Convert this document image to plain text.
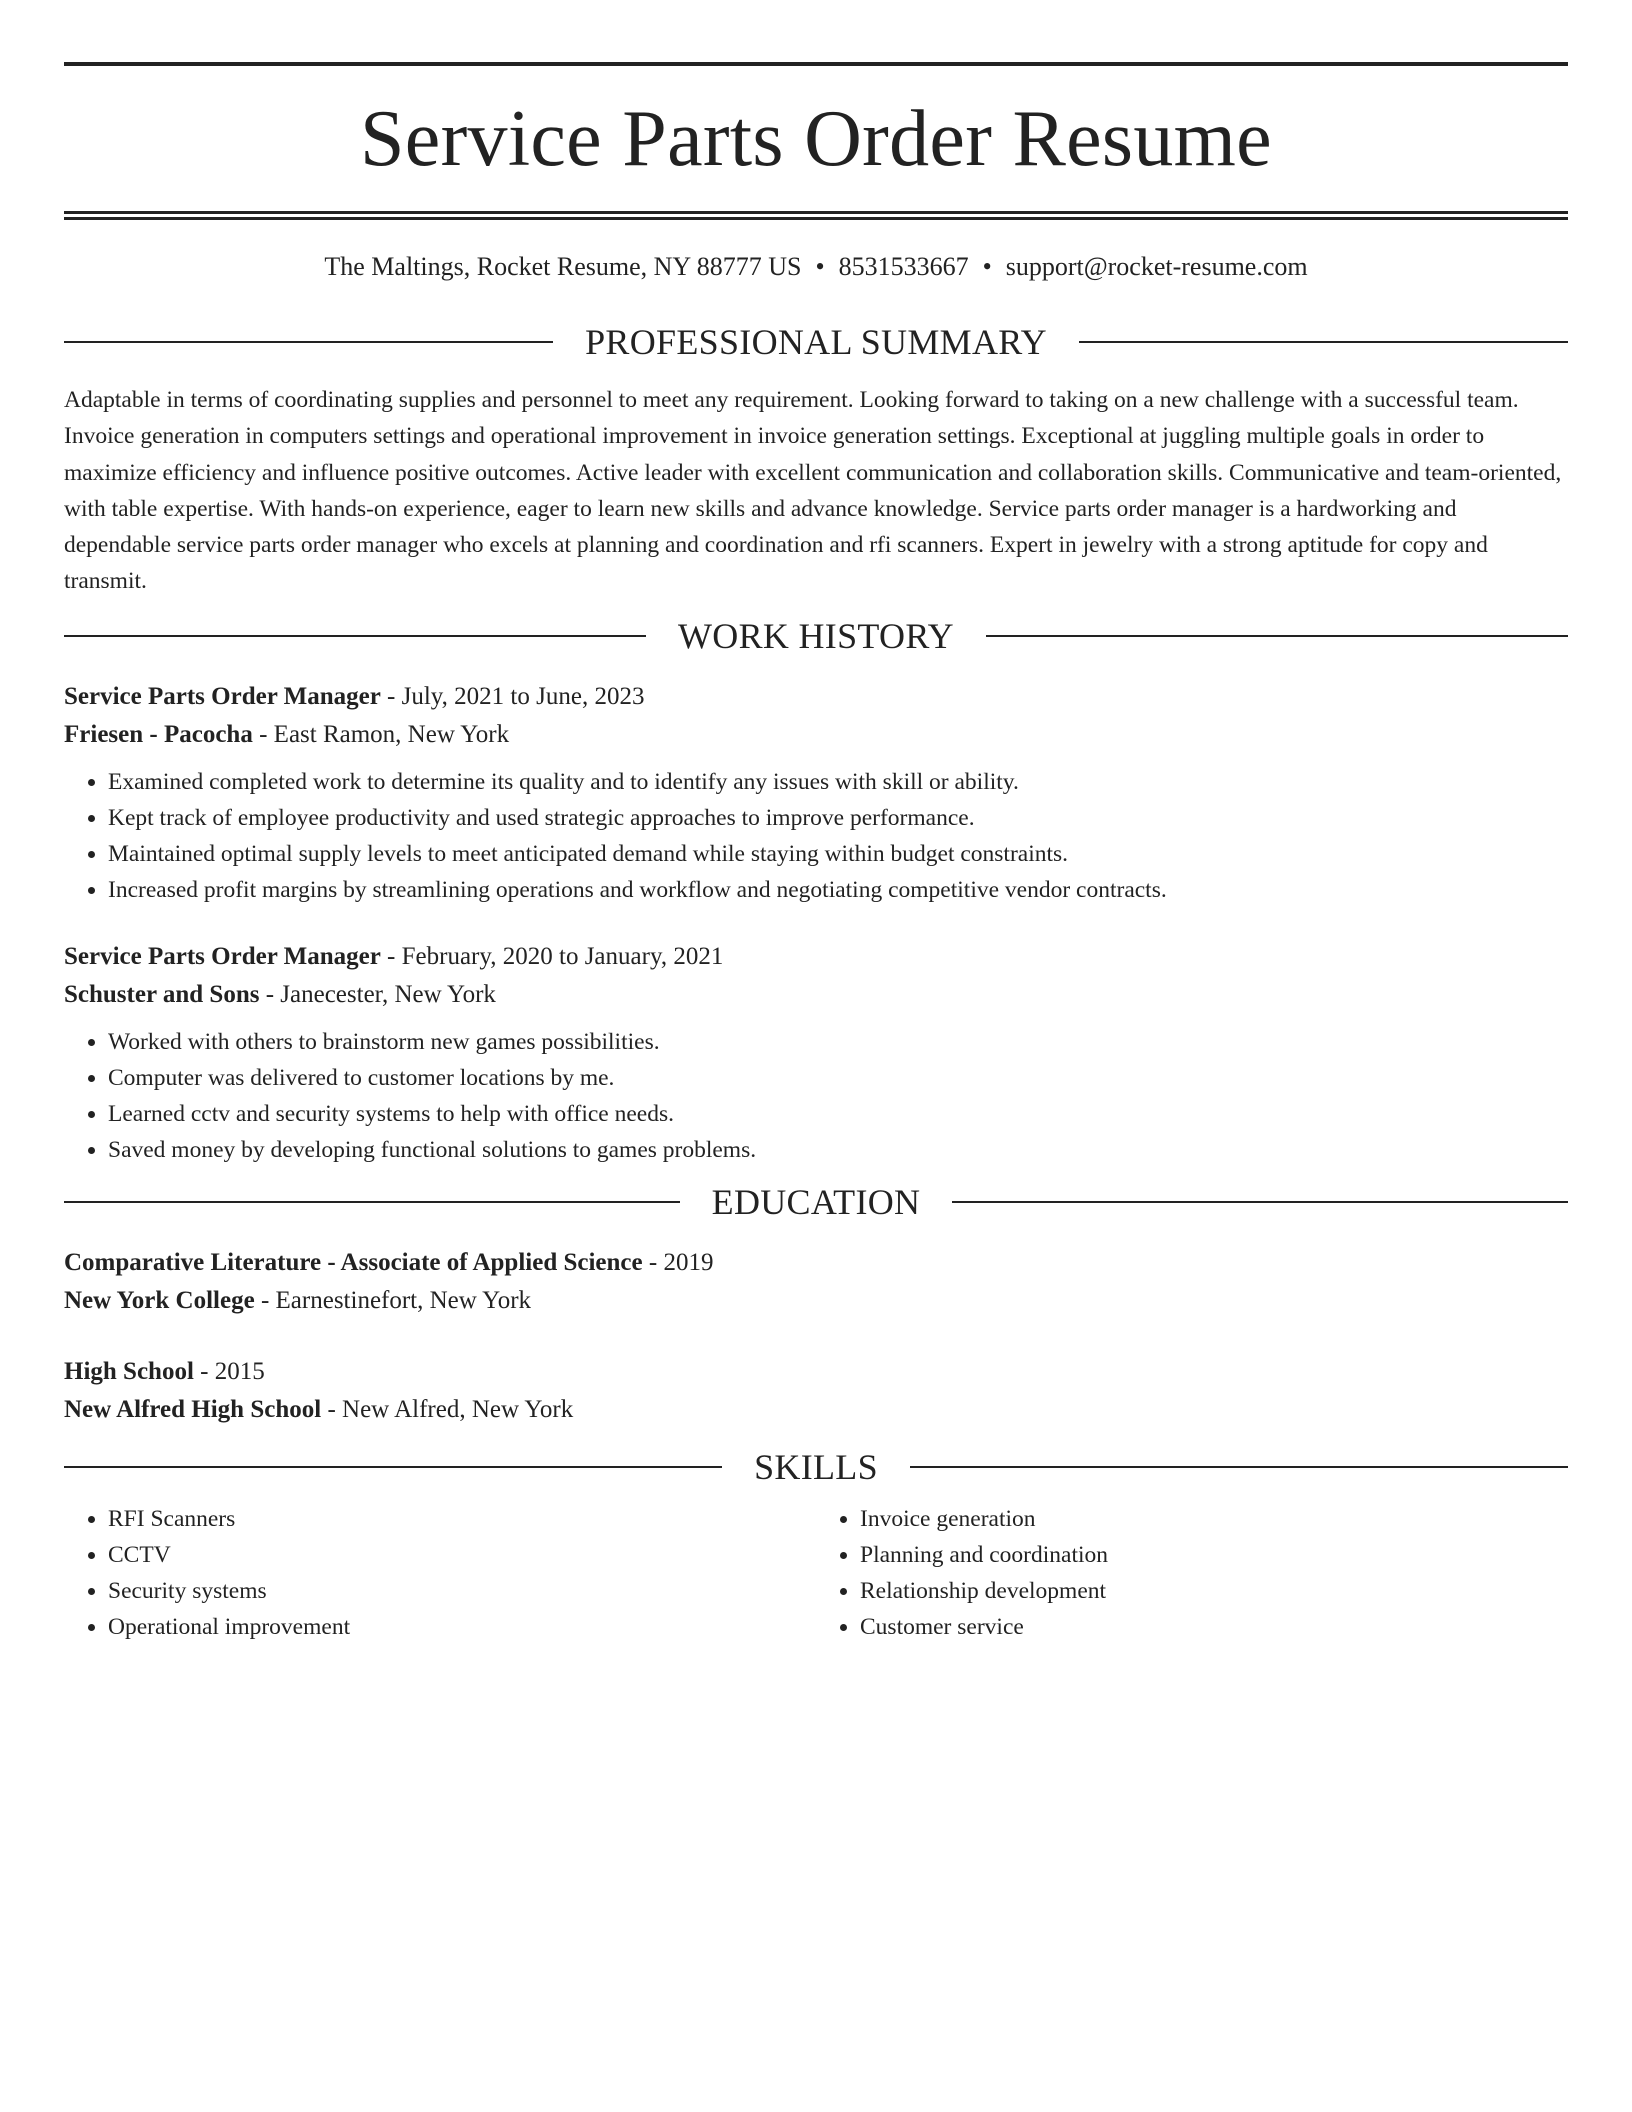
Service Parts Order Resume
The Maltings, Rocket Resume, NY 88777 US • 8531533667 • support@rocket-resume.com
PROFESSIONAL SUMMARY
Adaptable in terms of coordinating supplies and personnel to meet any requirement. Looking forward to taking on a new challenge with a successful team. Invoice generation in computers settings and operational improvement in invoice generation settings. Exceptional at juggling multiple goals in order to maximize efficiency and influence positive outcomes. Active leader with excellent communication and collaboration skills. Communicative and team-oriented, with table expertise. With hands-on experience, eager to learn new skills and advance knowledge. Service parts order manager is a hardworking and dependable service parts order manager who excels at planning and coordination and rfi scanners. Expert in jewelry with a strong aptitude for copy and transmit.
WORK HISTORY
Service Parts Order Manager - July, 2021 to June, 2023
Friesen - Pacocha - East Ramon, New York
• Examined completed work to determine its quality and to identify any issues with skill or ability.
• Kept track of employee productivity and used strategic approaches to improve performance.
• Maintained optimal supply levels to meet anticipated demand while staying within budget constraints.
• Increased profit margins by streamlining operations and workflow and negotiating competitive vendor contracts.
Service Parts Order Manager - February, 2020 to January, 2021
Schuster and Sons - Janecester, New York
• Worked with others to brainstorm new games possibilities.
• Computer was delivered to customer locations by me.
• Learned cctv and security systems to help with office needs.
• Saved money by developing functional solutions to games problems.
EDUCATION
Comparative Literature - Associate of Applied Science - 2019
New York College - Earnestinefort, New York
High School - 2015
New Alfred High School - New Alfred, New York
SKILLS
• RFI Scanners
• CCTV
• Security systems
• Operational improvement
• Invoice generation
• Planning and coordination
• Relationship development
• Customer service
